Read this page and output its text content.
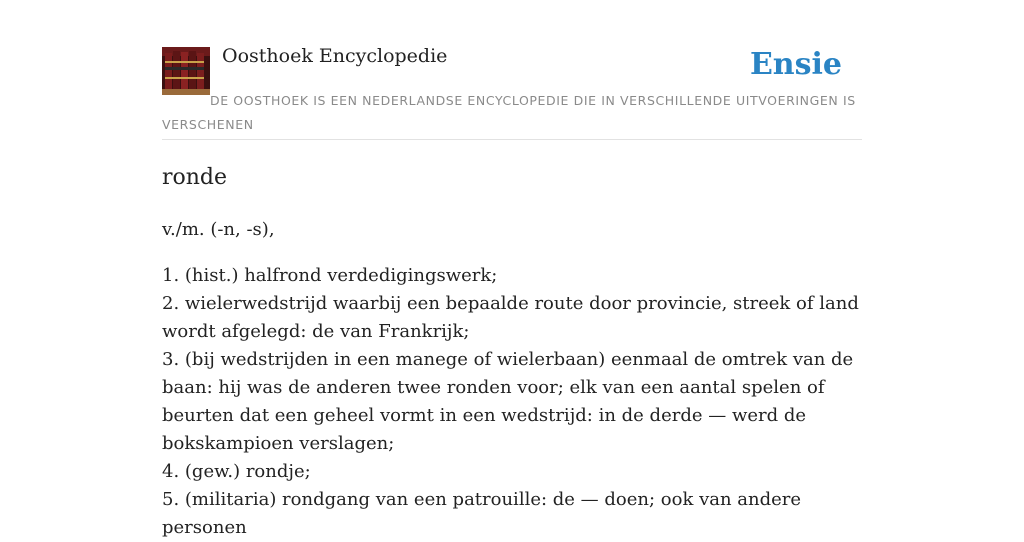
Oosthoek Encyclopedie	Ensie

DE OOSTHOEK IS EEN NEDERLANDSE ENCYCLOPEDIE DIE IN VERSCHILLENDE UITVOERINGEN IS VERSCHENEN

ronde

v./m. (-n, -s),

1. (hist.) halfrond verdedigingswerk;

2. wielerwedstrijd waarbij een bepaalde route door provincie, streek of land wordt afgelegd: de van Frankrijk;

3. (bij wedstrijden in een manege of wielerbaan) eenmaal de omtrek van de baan: hij was de anderen twee ronden voor; elk van een aantal spelen of beurten dat een geheel vormt in een wedstrijd: in de derde — werd de bokskampioen verslagen;

4. (gew.) rondje;

5. (militaria) rondgang van een patrouille: de — doen; ook van andere personen
